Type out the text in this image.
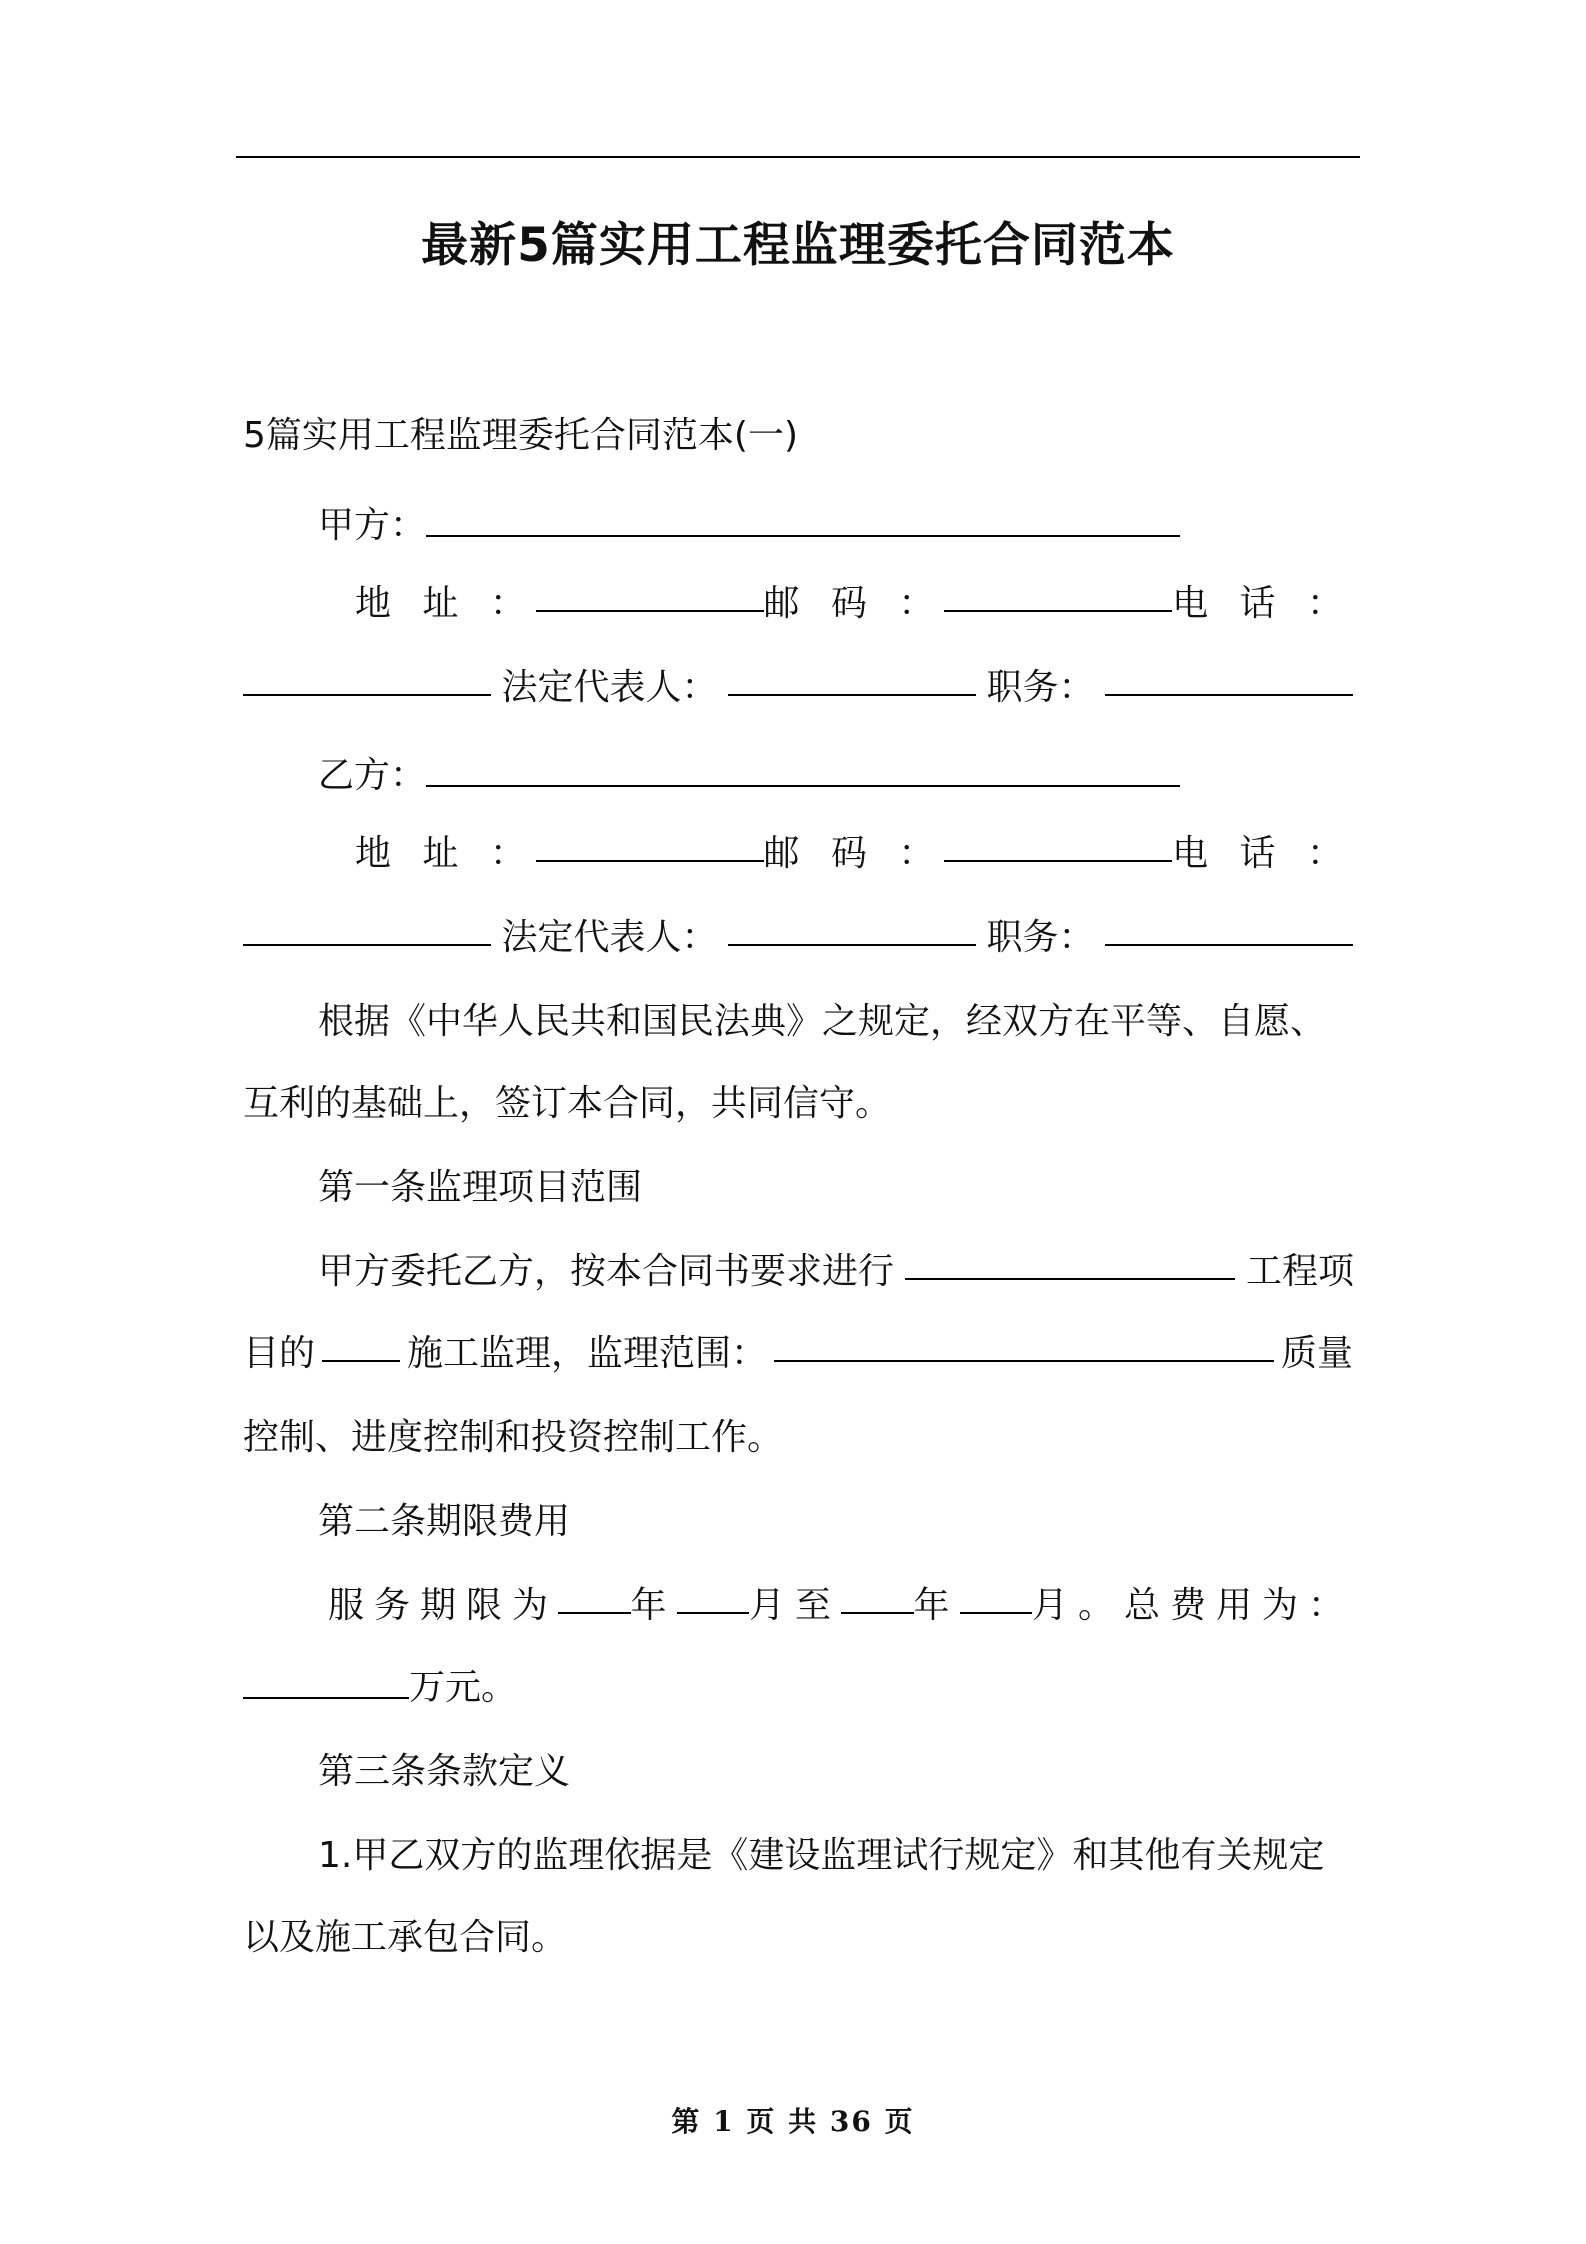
最新5篇实用工程监理委托合同范本
5篇实用工程监理委托合同范本(一)
甲方：
地 址 ：	邮 码 ：	电 话 ：
法定代表人：	职务：
乙方：
地 址 ：	邮 码 ：	电 话 ：
法定代表人：	职务：
根据《中华人民共和国民法典》之规定，经双方在平等、自愿、
互利的基础上，签订本合同，共同信守。
第一条监理项目范围
甲方委托乙方，按本合同书要求进行	工程项
目的	施工监理，监理范围：	质量
控制、进度控制和投资控制工作。
第二条期限费用
服务期限为 年 月至 年 月。总费用为：
万元。
第三条条款定义
1.甲乙双方的监理依据是《建设监理试行规定》和其他有关规定
以及施工承包合同。
第 1 页 共 36 页
